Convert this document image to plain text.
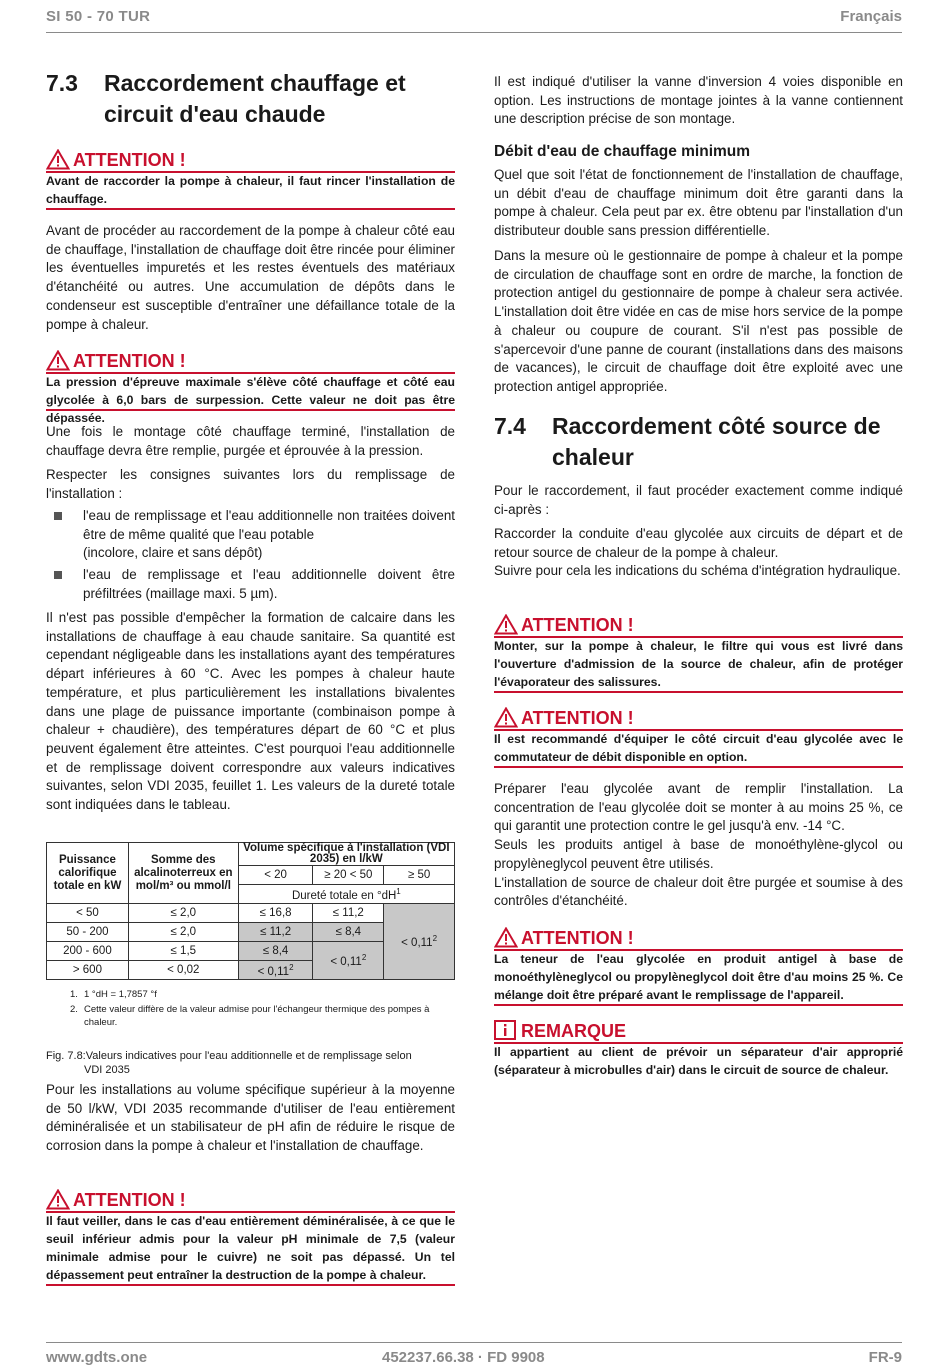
SI 50 - 70 TUR	Français
7.3 Raccordement chauffage et
circuit d'eau chaude
ATTENTION !
Avant de raccorder la pompe à chaleur, il faut rincer l'installation de chauffage.
Avant de procéder au raccordement de la pompe à chaleur côté eau de chauffage, l'installation de chauffage doit être rincée pour éliminer les éventuelles impuretés et les restes éventuels des matériaux d'étanchéité ou autres. Une accumulation de dépôts dans le condenseur est susceptible d'entraîner une défaillance totale de la pompe à chaleur.
ATTENTION !
La pression d'épreuve maximale s'élève côté chauffage et côté eau glycolée à 6,0 bars de surpession. Cette valeur ne doit pas être dépassée.
Une fois le montage côté chauffage terminé, l'installation de chauffage devra être remplie, purgée et éprouvée à la pression.
Respecter les consignes suivantes lors du remplissage de l'installation :
l'eau de remplissage et l'eau additionnelle non traitées doivent être de même qualité que l'eau potable
(incolore, claire et sans dépôt)
l'eau de remplissage et l'eau additionnelle doivent être préfiltrées (maillage maxi. 5 µm).
Il n'est pas possible d'empêcher la formation de calcaire dans les installations de chauffage à eau chaude sanitaire. Sa quantité est cependant négligeable dans les installations ayant des températures départ inférieures à 60 °C. Avec les pompes à chaleur haute température, et plus particulièrement les installations bivalentes dans une plage de puissance importante (combinaison pompe à chaleur + chaudière), des températures départ de 60 °C et plus peuvent également être atteintes. C'est pourquoi l'eau additionnelle et de remplissage doivent correspondre aux valeurs indicatives suivantes, selon VDI 2035, feuillet 1. Les valeurs de la dureté totale sont indiquées dans le tableau.
Puissance calorifique totale en kW	Somme des alcalinoterreux en mol/m³ ou mmol/l	Volume spécifique à l'installation (VDI 2035) en l/kW		
		< 20	≥ 20 < 50	≥ 50
		Dureté totale en $^\circ dH^1$
< 50	≤ 2,0	≤ 16,8	≤ 11,2	< $0,11^2$
50 - 200	≤ 2,0	≤ 11,2	≤ 8,4	
200 - 600	≤ 1,5	≤ 8,4	< $0,11^2$
> 600	< 0,02	< $0,11^2$
1. 1 °dH = 1,7857 °f
2. Cette valeur diffère de la valeur admise pour l'échangeur thermique des pompes à chaleur.
Fig. 7.8:Valeurs indicatives pour l'eau additionnelle et de remplissage selon
VDI 2035
Pour les installations au volume spécifique supérieur à la moyenne de 50 l/kW, VDI 2035 recommande d'utiliser de l'eau entièrement déminéralisée et un stabilisateur de pH afin de réduire le risque de corrosion dans la pompe à chaleur et l'installation de chauffage.
ATTENTION !
Il faut veiller, dans le cas d'eau entièrement déminéralisée, à ce que le seuil inférieur admis pour la valeur pH minimale de 7,5 (valeur minimale admise pour le cuivre) ne soit pas dépassé. Un tel dépassement peut entraîner la destruction de la pompe à chaleur.
Il est indiqué d'utiliser la vanne d'inversion 4 voies disponible en option. Les instructions de montage jointes à la vanne contiennent une description précise de son montage.
Débit d'eau de chauffage minimum
Quel que soit l'état de fonctionnement de l'installation de chauffage, un débit d'eau de chauffage minimum doit être garanti dans la pompe à chaleur. Cela peut par ex. être obtenu par l'installation d'un distributeur double sans pression différentielle.
Dans la mesure où le gestionnaire de pompe à chaleur et la pompe de circulation de chauffage sont en ordre de marche, la fonction de protection antigel du gestionnaire de pompe à chaleur sera activée. L'installation doit être vidée en cas de mise hors service de la pompe à chaleur ou coupure de courant. S'il n'est pas possible de s'apercevoir d'une panne de courant (installations dans des maisons de vacances), le circuit de chauffage doit être exploité avec une protection antigel appropriée.
7.4 Raccordement côté source de
chaleur
Pour le raccordement, il faut procéder exactement comme indiqué ci-après :
Raccorder la conduite d'eau glycolée aux circuits de départ et de retour source de chaleur de la pompe à chaleur.
Suivre pour cela les indications du schéma d'intégration hydraulique.
ATTENTION !
Monter, sur la pompe à chaleur, le filtre qui vous est livré dans l'ouverture d'admission de la source de chaleur, afin de protéger l'évaporateur des salissures.
ATTENTION !
Il est recommandé d'équiper le côté circuit d'eau glycolée avec le commutateur de débit disponible en option.
Préparer l'eau glycolée avant de remplir l'installation. La concentration de l'eau glycolée doit se monter à au moins 25 %, ce qui garantit une protection contre le gel jusqu'à env. -14 °C.
Seuls les produits antigel à base de monoéthylène-glycol ou propylèneglycol peuvent être utilisés.
L'installation de source de chaleur doit être purgée et soumise à des contrôles d'étanchéité.
ATTENTION !
La teneur de l'eau glycolée en produit antigel à base de monoéthylèneglycol ou propylèneglycol doit être d'au moins 25 %. Ce mélange doit être préparé avant le remplissage de l'appareil.
REMARQUE
Il appartient au client de prévoir un séparateur d'air approprié (séparateur à microbulles d'air) dans le circuit de source de chaleur.
www.gdts.one	452237.66.38 · FD 9908	FR-9
